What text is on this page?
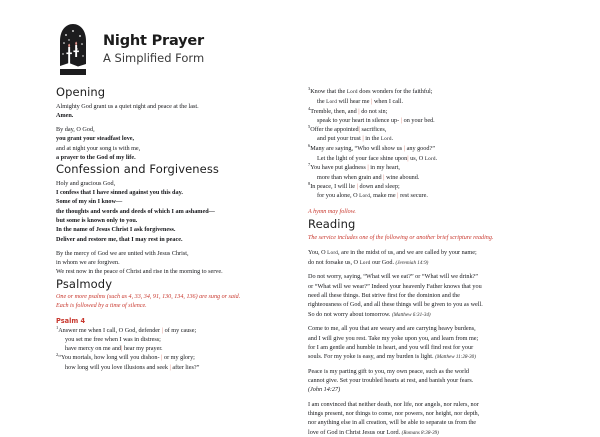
Night Prayer
A Simplified Form
Opening

Almighty God grant us a quiet night and peace at the last.

Amen.

By day, O God,

you grant your steadfast love,

and at night your song is with me,

a prayer to the God of my life.

Confession and Forgiveness

Holy and gracious God,

I confess that I have sinned against you this day.

Some of my sin I know—

the thoughts and words and deeds of which I am ashamed—

but some is known only to you.

In the name of Jesus Christ I ask forgiveness.

Deliver and restore me, that I may rest in peace.

By the mercy of God we are united with Jesus Christ,

in whom we are forgiven.

We rest now in the peace of Christ and rise in the morning to serve.

Psalmody

One or more psalms (such as 4, 33, 34, 91, 130, 134, 136) are sung or said.

Each is followed by a time of silence.

Psalm 4

$^1$Answer me when I call, O God, defender | of my cause;

you set me free when I was in distress;

have mercy on me and| hear my prayer.

$^2$“You mortals, how long will you dishon- | or my glory;

how long will you love illusions and seek | after lies?”

$^3$Know that the Lord does wonders for the faithful;

the Lord will hear me | when I call.

$^4$Tremble, then, and | do not sin;

speak to your heart in silence up- | on your bed.

$^5$Offer the appointed| sacrifices,

and put your trust | in the Lord.

$^6$Many are saying, “Who will show us | any good?”

Let the light of your face shine upon| us, O Lord.

$^7$You have put gladness | in my heart,

more than when grain and | wine abound.

$^8$In peace, I will lie | down and sleep;

for you alone, O Lord, make me | rest secure.

A hymn may follow.

Reading

The service includes one of the following or another brief scripture reading.

You, O Lord, are in the midst of us, and we are called by your name;

do not forsake us, O Lord our God. (Jeremiah 14:9)

Do not worry, saying, “What will we eat?” or “What will we drink?”

or “What will we wear?” Indeed your heavenly Father knows that you

need all these things. But strive first for the dominion and the

righteousness of God, and all these things will be given to you as well.

So do not worry about tomorrow. (Matthew 6:31-34)

Come to me, all you that are weary and are carrying heavy burdens,

and I will give you rest. Take my yoke upon you, and learn from me;

for I am gentle and humble in heart, and you will find rest for your

souls. For my yoke is easy, and my burden is light. (Matthew 11:28-30)

Peace is my parting gift to you, my own peace, such as the world

cannot give. Set your troubled hearts at rest, and banish your fears.

(John 14:27)

I am convinced that neither death, nor life, nor angels, nor rulers, nor

things present, nor things to come, nor powers, nor height, nor depth,

nor anything else in all creation, will be able to separate us from the

love of God in Christ Jesus our Lord. (Romans 8:38-39)
